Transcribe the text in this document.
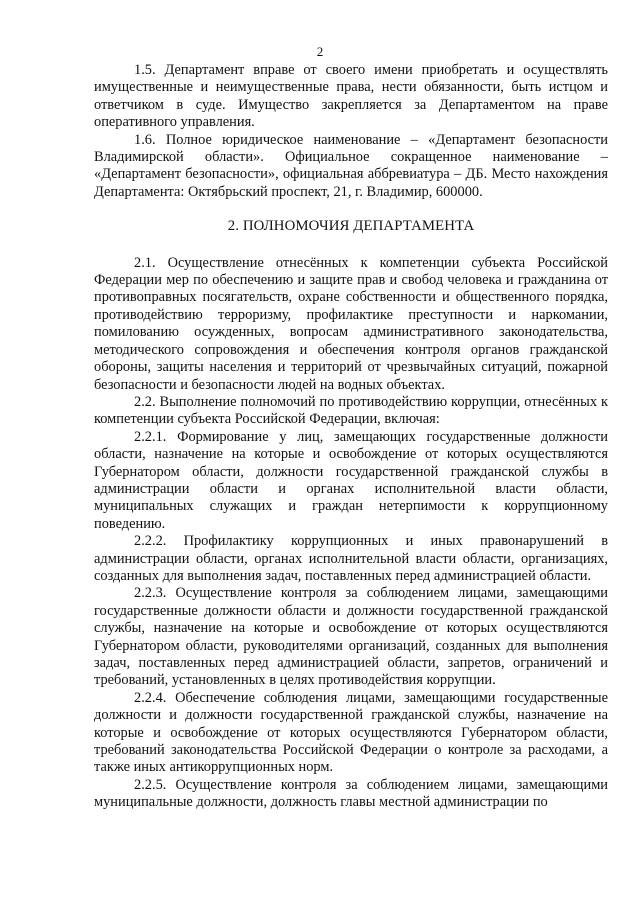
2

1.5. Департамент вправе от своего имени приобретать и осуществлять имущественные и неимущественные права, нести обязанности, быть истцом и ответчиком в суде. Имущество закрепляется за Департаментом на праве оперативного управления.

1.6. Полное юридическое наименование – «Департамент безопасности Владимирской области». Официальное сокращенное наименование – «Департамент безопасности», официальная аббревиатура – ДБ. Место нахождения Департамента: Октябрьский проспект, 21, г. Владимир, 600000.

2. ПОЛНОМОЧИЯ ДЕПАРТАМЕНТА

2.1. Осуществление отнесённых к компетенции субъекта Российской Федерации мер по обеспечению и защите прав и свобод человека и гражданина от противоправных посягательств, охране собственности и общественного порядка, противодействию терроризму, профилактике преступности и наркомании, помилованию осужденных, вопросам административного законодательства, методического сопровождения и обеспечения контроля органов гражданской обороны, защиты населения и территорий от чрезвычайных ситуаций, пожарной безопасности и безопасности людей на водных объектах.

2.2. Выполнение полномочий по противодействию коррупции, отнесённых к компетенции субъекта Российской Федерации, включая:

2.2.1. Формирование у лиц, замещающих государственные должности области, назначение на которые и освобождение от которых осуществляются Губернатором области, должности государственной гражданской службы в администрации области и органах исполнительной власти области, муниципальных служащих и граждан нетерпимости к коррупционному поведению.

2.2.2. Профилактику коррупционных и иных правонарушений в администрации области, органах исполнительной власти области, организациях, созданных для выполнения задач, поставленных перед администрацией области.

2.2.3. Осуществление контроля за соблюдением лицами, замещающими государственные должности области и должности государственной гражданской службы, назначение на которые и освобождение от которых осуществляются Губернатором области, руководителями организаций, созданных для выполнения задач, поставленных перед администрацией области, запретов, ограничений и требований, установленных в целях противодействия коррупции.

2.2.4. Обеспечение соблюдения лицами, замещающими государственные должности и должности государственной гражданской службы, назначение на которые и освобождение от которых осуществляются Губернатором области, требований законодательства Российской Федерации о контроле за расходами, а также иных антикоррупционных норм.

2.2.5. Осуществление контроля за соблюдением лицами, замещающими муниципальные должности, должность главы местной администрации по
